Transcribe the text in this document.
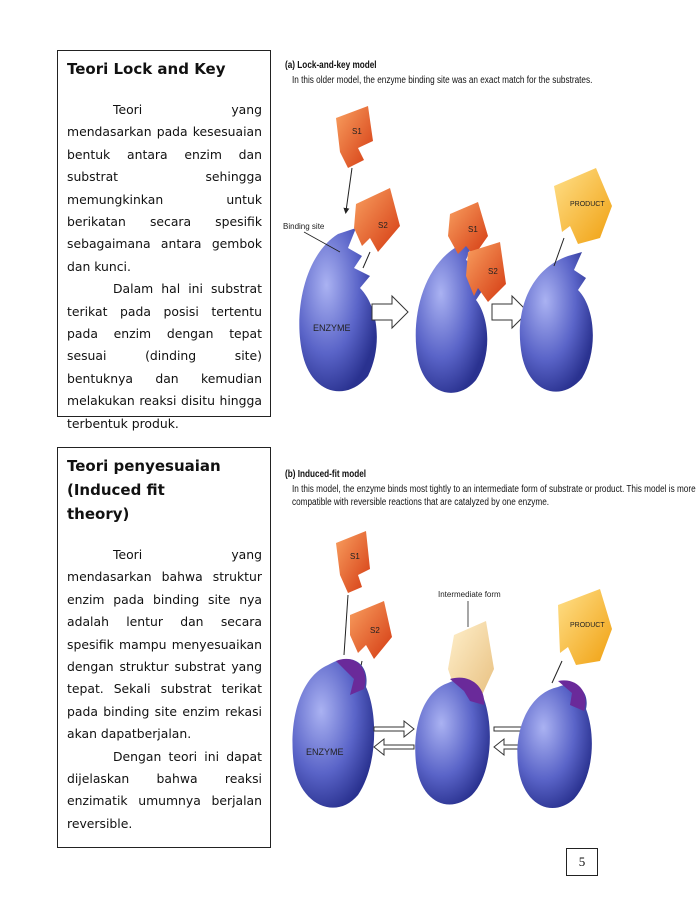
Teori Lock and Key

Teori yang mendasarkan pada kesesuaian bentuk antara enzim dan substrat sehingga memungkinkan untuk berikatan secara spesifik sebagaimana antara gembok dan kunci.

Dalam hal ini substrat terikat pada posisi tertentu pada enzim dengan tepat sesuai (dinding site) bentuknya dan kemudian melakukan reaksi disitu hingga terbentuk produk.

(a) Lock-and-key model
In this older model, the enzyme binding site was an exact match for the substrates.
ENZYME
S1
S2
Binding site	S1
S2
PRODUCT

Teori penyesuaian (Induced fit theory)

Teori yang mendasarkan bahwa struktur enzim pada binding site nya adalah lentur dan secara spesifik mampu menyesuaikan dengan struktur substrat yang tepat. Sekali substrat terikat pada binding site enzim rekasi akan dapatberjalan.

Dengan teori ini dapat dijelaskan bahwa reaksi enzimatik umumnya berjalan reversible.

(b) Induced-fit model
In this model, the enzyme binds most tightly to an intermediate form of substrate or product. This model is more
compatible with reversible reactions that are catalyzed by one enzyme.
S1
S2
ENZYME
Intermediate form
PRODUCT
5
